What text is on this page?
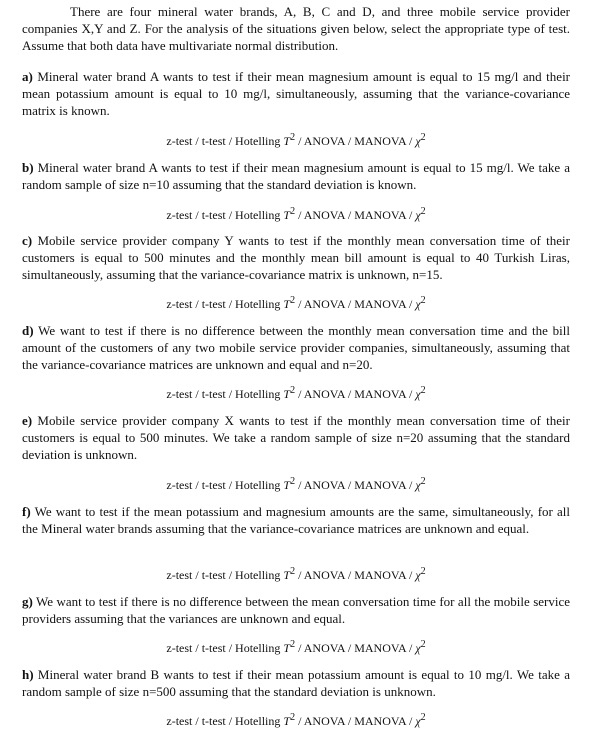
There are four mineral water brands, A, B, C and D, and three mobile service provider companies X,Y and Z. For the analysis of the situations given below, select the appropriate type of test. Assume that both data have multivariate normal distribution.

a) Mineral water brand A wants to test if their mean magnesium amount is equal to 15 mg/l and their mean potassium amount is equal to 10 mg/l, simultaneously, assuming that the variance-covariance matrix is known.

z-test / t-test / Hotelling $T^2$ / ANOVA / MANOVA / $\chi^2$

b) Mineral water brand A wants to test if their mean magnesium amount is equal to 15 mg/l. We take a random sample of size n=10 assuming that the standard deviation is known.

z-test / t-test / Hotelling $T^2$ / ANOVA / MANOVA / $\chi^2$

c) Mobile service provider company Y wants to test if the monthly mean conversation time of their customers is equal to 500 minutes and the monthly mean bill amount is equal to 40 Turkish Liras, simultaneously, assuming that the variance-covariance matrix is unknown, n=15.

z-test / t-test / Hotelling $T^2$ / ANOVA / MANOVA / $\chi^2$

d) We want to test if there is no difference between the monthly mean conversation time and the bill amount of the customers of any two mobile service provider companies, simultaneously, assuming that the variance-covariance matrices are unknown and equal and n=20.

z-test / t-test / Hotelling $T^2$ / ANOVA / MANOVA / $\chi^2$

e) Mobile service provider company X wants to test if the monthly mean conversation time of their customers is equal to 500 minutes. We take a random sample of size n=20 assuming that the standard deviation is unknown.

z-test / t-test / Hotelling $T^2$ / ANOVA / MANOVA / $\chi^2$

f) We want to test if the mean potassium and magnesium amounts are the same, simultaneously, for all the Mineral water brands assuming that the variance-covariance matrices are unknown and equal.

z-test / t-test / Hotelling $T^2$ / ANOVA / MANOVA / $\chi^2$

g) We want to test if there is no difference between the mean conversation time for all the mobile service providers assuming that the variances are unknown and equal.

z-test / t-test / Hotelling $T^2$ / ANOVA / MANOVA / $\chi^2$

h) Mineral water brand B wants to test if their mean potassium amount is equal to 10 mg/l. We take a random sample of size n=500 assuming that the standard deviation is unknown.

z-test / t-test / Hotelling $T^2$ / ANOVA / MANOVA / $\chi^2$
